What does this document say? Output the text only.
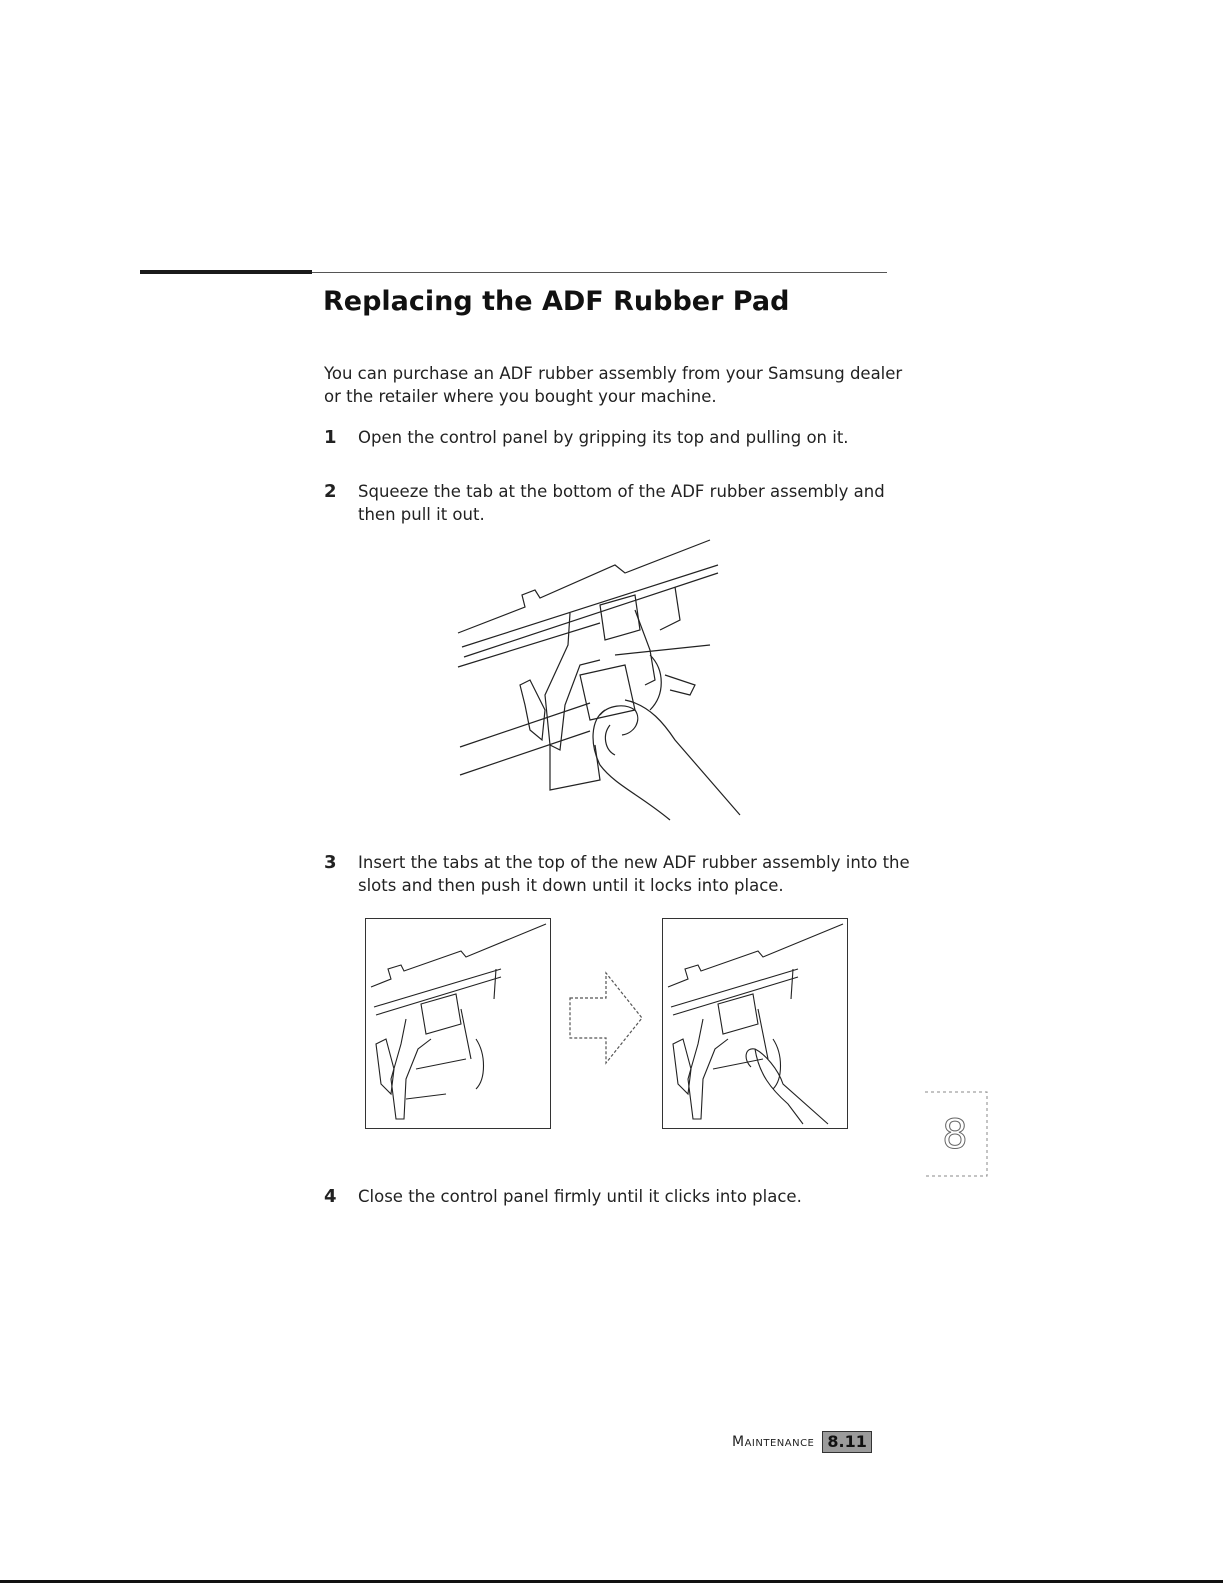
Replacing the ADF Rubber Pad

You can purchase an ADF rubber assembly from your Samsung dealer or the retailer where you bought your machine.

1 Open the control panel by gripping its top and pulling on it.
2 Squeeze the tab at the bottom of the ADF rubber assembly and then pull it out.
3 Insert the tabs at the top of the new ADF rubber assembly into the slots and then push it down until it locks into place.
8
4 Close the control panel firmly until it clicks into place.
Maintenance 8.11
